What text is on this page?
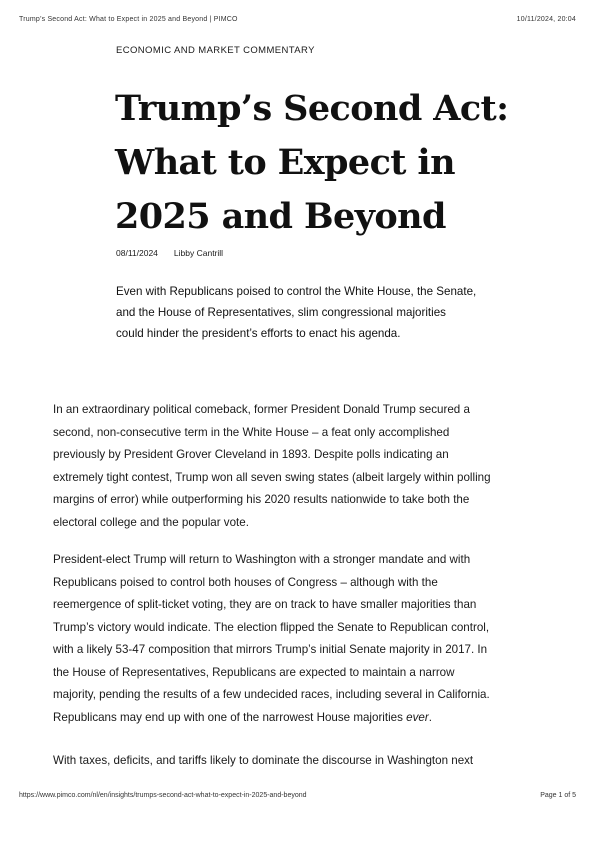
Trump’s Second Act: What to Expect in 2025 and Beyond | PIMCO	10/11/2024, 20:04
ECONOMIC AND MARKET COMMENTARY
Trump’s Second Act:
What to Expect in
2025 and Beyond
08/11/2024 Libby Cantrill
Even with Republicans poised to control the White House, the Senate,
and the House of Representatives, slim congressional majorities
could hinder the president’s efforts to enact his agenda.
In an extraordinary political comeback, former President Donald Trump secured a
second, non-consecutive term in the White House – a feat only accomplished
previously by President Grover Cleveland in 1893. Despite polls indicating an
extremely tight contest, Trump won all seven swing states (albeit largely within polling
margins of error) while outperforming his 2020 results nationwide to take both the
electoral college and the popular vote.
President-elect Trump will return to Washington with a stronger mandate and with
Republicans poised to control both houses of Congress – although with the
reemergence of split-ticket voting, they are on track to have smaller majorities than
Trump’s victory would indicate. The election flipped the Senate to Republican control,
with a likely 53-47 composition that mirrors Trump’s initial Senate majority in 2017. In
the House of Representatives, Republicans are expected to maintain a narrow
majority, pending the results of a few undecided races, including several in California.
Republicans may end up with one of the narrowest House majorities ever.
With taxes, deficits, and tariffs likely to dominate the discourse in Washington next
https://www.pimco.com/nl/en/insights/trumps-second-act-what-to-expect-in-2025-and-beyond	Page 1 of 5
